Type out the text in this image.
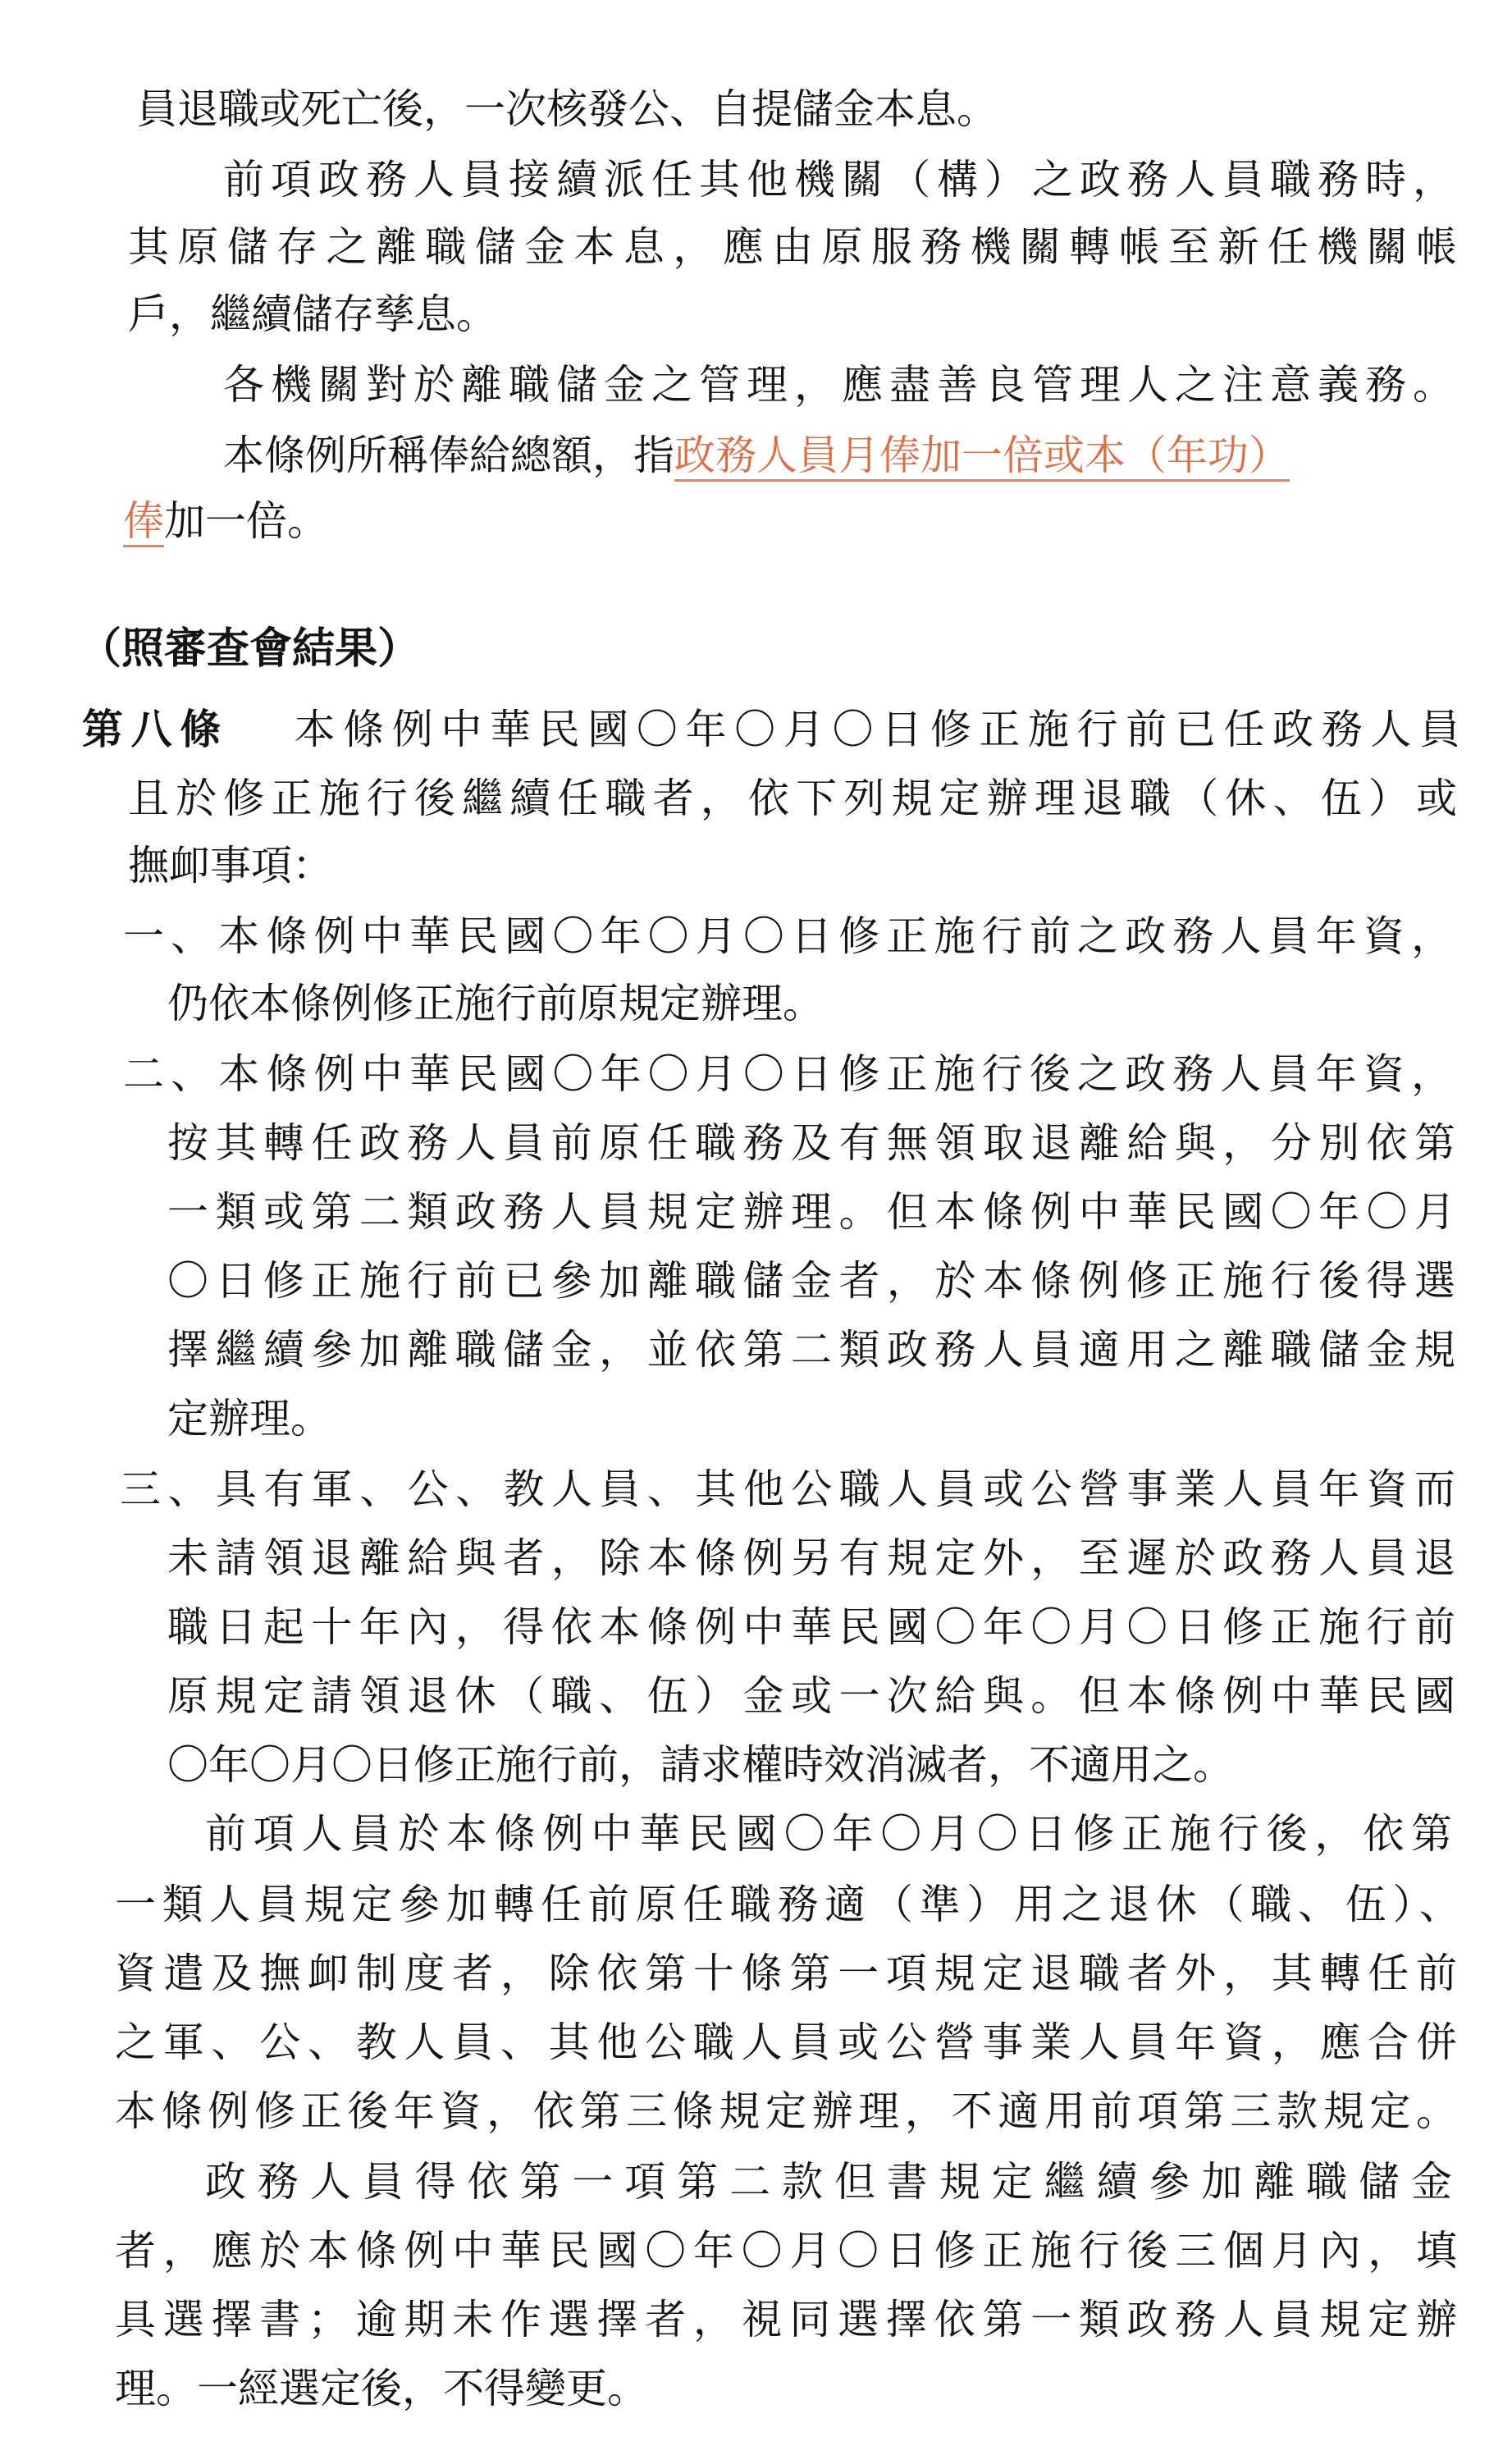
員退職或死亡後，一次核發公、自提儲金本息。
前項政務人員接續派任其他機關（構）之政務人員職務時，
其原儲存之離職儲金本息，應由原服務機關轉帳至新任機關帳
戶，繼續儲存孳息。
各機關對於離職儲金之管理，應盡善良管理人之注意義務。
本條例所稱俸給總額，指政務人員月俸加一倍或本（年功）
俸加一倍。
（照審查會結果）
第八條 本條例中華民國〇年〇月〇日修正施行前已任政務人員
且於修正施行後繼續任職者，依下列規定辦理退職（休、伍）或
撫卹事項：
一、本條例中華民國〇年〇月〇日修正施行前之政務人員年資，
仍依本條例修正施行前原規定辦理。
二、本條例中華民國〇年〇月〇日修正施行後之政務人員年資，
按其轉任政務人員前原任職務及有無領取退離給與，分別依第
一類或第二類政務人員規定辦理。但本條例中華民國〇年〇月
〇日修正施行前已參加離職儲金者，於本條例修正施行後得選
擇繼續參加離職儲金，並依第二類政務人員適用之離職儲金規
定辦理。
三、具有軍、公、教人員、其他公職人員或公營事業人員年資而
未請領退離給與者，除本條例另有規定外，至遲於政務人員退
職日起十年內，得依本條例中華民國〇年〇月〇日修正施行前
原規定請領退休（職、伍）金或一次給與。但本條例中華民國
〇年〇月〇日修正施行前，請求權時效消滅者，不適用之。
前項人員於本條例中華民國〇年〇月〇日修正施行後，依第
一類人員規定參加轉任前原任職務適（準）用之退休（職、伍）、
資遣及撫卹制度者，除依第十條第一項規定退職者外，其轉任前
之軍、公、教人員、其他公職人員或公營事業人員年資，應合併
本條例修正後年資，依第三條規定辦理，不適用前項第三款規定。
政務人員得依第一項第二款但書規定繼續參加離職儲金
者，應於本條例中華民國〇年〇月〇日修正施行後三個月內，填
具選擇書；逾期未作選擇者，視同選擇依第一類政務人員規定辦
理。一經選定後，不得變更。
